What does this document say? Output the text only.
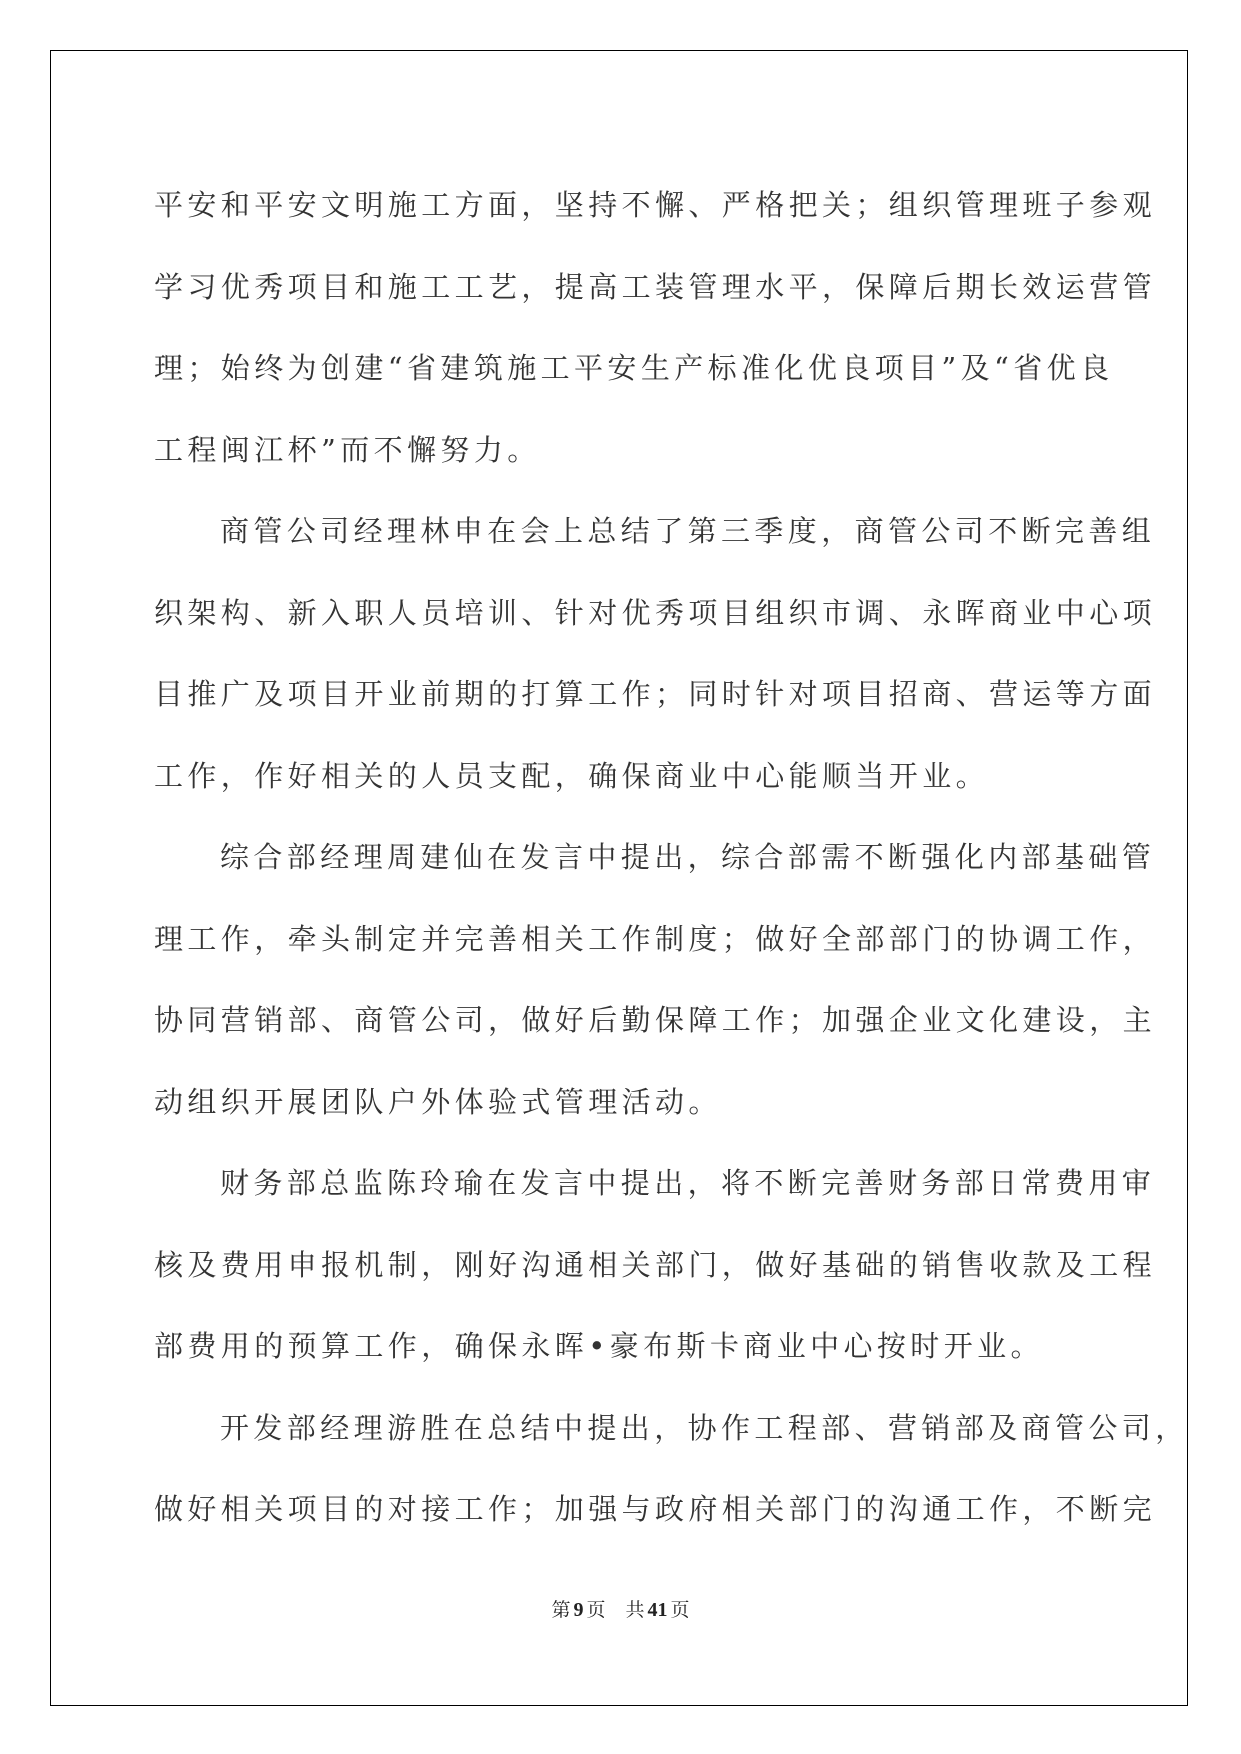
平安和平安文明施工方面，坚持不懈、严格把关；组织管理班子参观
学习优秀项目和施工工艺，提高工装管理水平，保障后期长效运营管
理；始终为创建“省建筑施工平安生产标准化优良项目”及“省优良
工程闽江杯”而不懈努力。

商管公司经理林申在会上总结了第三季度，商管公司不断完善组
织架构、新入职人员培训、针对优秀项目组织市调、永晖商业中心项
目推广及项目开业前期的打算工作；同时针对项目招商、营运等方面
工作，作好相关的人员支配，确保商业中心能顺当开业。

综合部经理周建仙在发言中提出，综合部需不断强化内部基础管
理工作，牵头制定并完善相关工作制度；做好全部部门的协调工作，
协同营销部、商管公司，做好后勤保障工作；加强企业文化建设，主
动组织开展团队户外体验式管理活动。

财务部总监陈玲瑜在发言中提出，将不断完善财务部日常费用审
核及费用申报机制，刚好沟通相关部门，做好基础的销售收款及工程
部费用的预算工作，确保永晖•豪布斯卡商业中心按时开业。

开发部经理游胜在总结中提出，协作工程部、营销部及商管公司，
做好相关项目的对接工作；加强与政府相关部门的沟通工作，不断完

第 9 页 共 41 页
